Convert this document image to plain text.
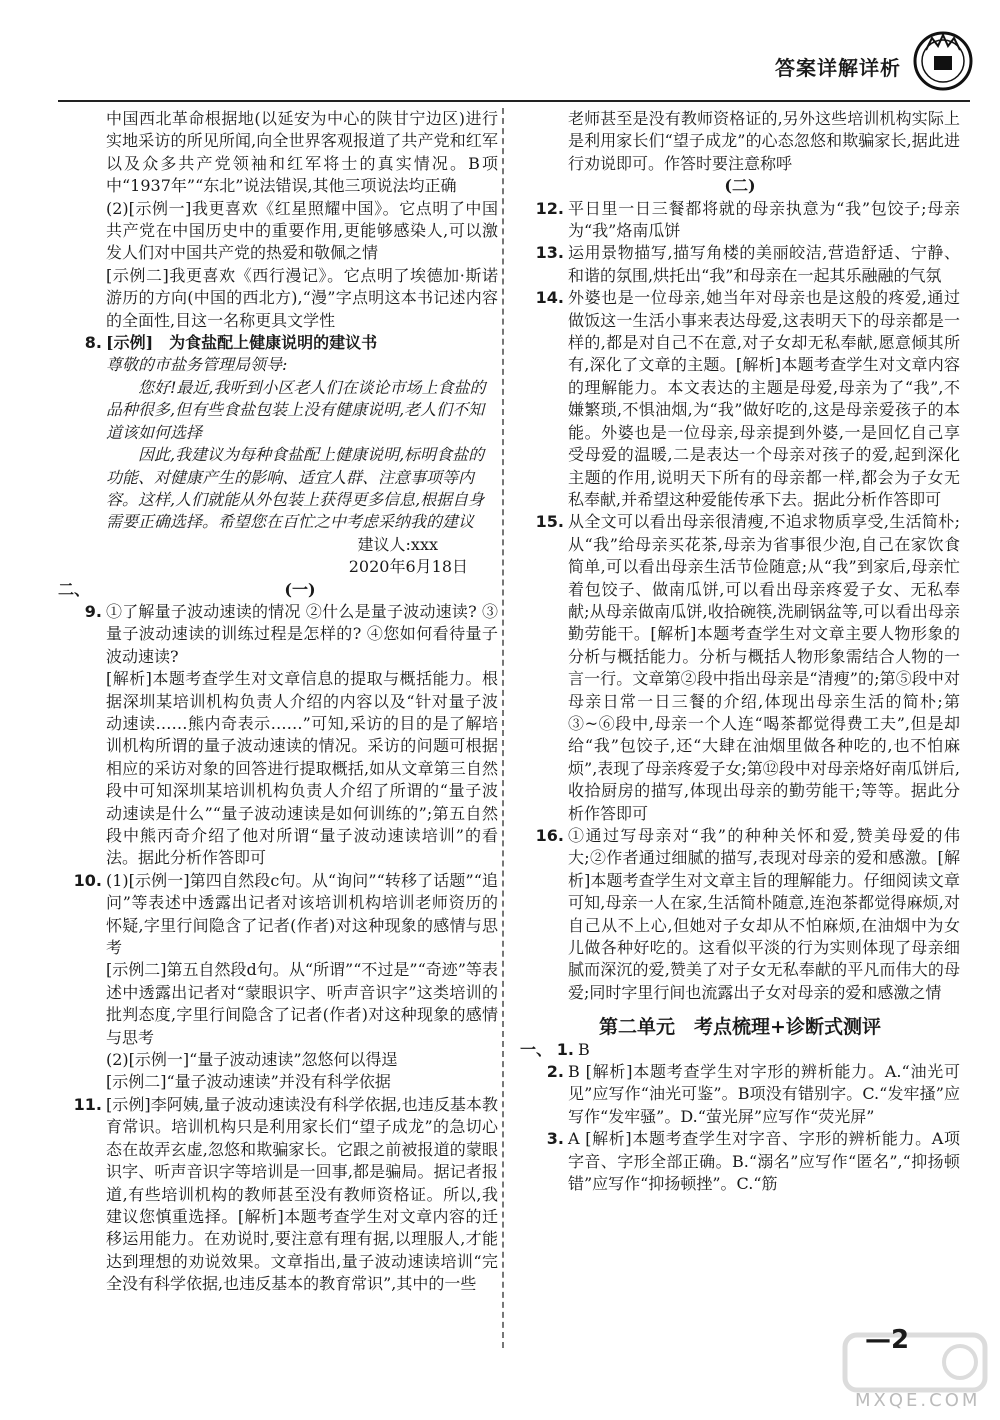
答案详解详析

中国西北革命根据地(以延安为中心的陕甘宁边区)进行实地采访的所见所闻,向全世界客观报道了共产党和红军以及众多共产党领袖和红军将士的真实情况。B项中“1937年”“东北”说法错误,其他三项说法均正确

(2)[示例一]我更喜欢《红星照耀中国》。它点明了中国共产党在中国历史中的重要作用,更能够感染人,可以激发人们对中国共产党的热爱和敬佩之情

[示例二]我更喜欢《西行漫记》。它点明了埃德加·斯诺游历的方向(中国的西北方),“漫”字点明这本书记述内容的全面性,目这一名称更具文学性

8. [示例]　为食盐配上健康说明的建议书

尊敬的市盐务管理局领导:

您好!最近,我听到小区老人们在谈论市场上食盐的品种很多,但有些食盐包装上没有健康说明,老人们不知道该如何选择

因此,我建议为每种食盐配上健康说明,标明食盐的功能、对健康产生的影响、适宜人群、注意事项等内容。这样,人们就能从外包装上获得更多信息,根据自身需要正确选择。希望您在百忙之中考虑采纳我的建议

建议人:xxx

2020年6月18日

二、	(一)
9. ①了解量子波动速读的情况 ②什么是量子波动速读? ③量子波动速读的训练过程是怎样的? ④您如何看待量子波动速读?

[解析]本题考查学生对文章信息的提取与概括能力。根据深圳某培训机构负责人介绍的内容以及“针对量子波动速读……熊内奇表示……”可知,采访的目的是了解培训机构所谓的量子波动速读的情况。采访的问题可根据相应的采访对象的回答进行提取概括,如从文章第三自然段中可知深圳某培训机构负责人介绍了所谓的“量子波动速读是什么”“量子波动速读是如何训练的”;第五自然段中熊丙奇介绍了他对所谓“量子波动速读培训”的看法。据此分析作答即可

10. (1)[示例一]第四自然段c句。从“询问”“转移了话题”“追问”等表述中透露出记者对该培训机构培训老师资历的怀疑,字里行间隐含了记者(作者)对这种现象的感情与思考

[示例二]第五自然段d句。从“所谓”“不过是”“奇迹”等表述中透露出记者对“蒙眼识字、听声音识字”这类培训的批判态度,字里行间隐含了记者(作者)对这种现象的感情与思考

(2)[示例一]“量子波动速读”忽悠何以得逞

[示例二]“量子波动速读”并没有科学依据

11. [示例]李阿姨,量子波动速读没有科学依据,也违反基本教育常识。培训机构只是利用家长们“望子成龙”的急切心态在故弄玄虚,忽悠和欺骗家长。它跟之前被报道的蒙眼识字、听声音识字等培训是一回事,都是骗局。据记者报道,有些培训机构的教师甚至没有教师资格证。所以,我建议您慎重选择。[解析]本题考查学生对文章内容的迁移运用能力。在劝说时,要注意有理有据,以理服人,才能达到理想的劝说效果。文章指出,量子波动速读培训“完全没有科学依据,也违反基本的教育常识”,其中的一些

老师甚至是没有教师资格证的,另外这些培训机构实际上是利用家长们“望子成龙”的心态忽悠和欺骗家长,据此进行劝说即可。作答时要注意称呼

(二)

12. 平日里一日三餐都将就的母亲执意为“我”包饺子;母亲为“我”烙南瓜饼
13. 运用景物描写,描写角楼的美丽皎洁,营造舒适、宁静、和谐的氛围,烘托出“我”和母亲在一起其乐融融的气氛
14. 外婆也是一位母亲,她当年对母亲也是这般的疼爱,通过做饭这一生活小事来表达母爱,这表明天下的母亲都是一样的,都是对自己不在意,对子女却无私奉献,愿意倾其所有,深化了文章的主题。[解析]本题考查学生对文章内容的理解能力。本文表达的主题是母爱,母亲为了“我”,不嫌繁琐,不惧油烟,为“我”做好吃的,这是母亲爱孩子的本能。外婆也是一位母亲,母亲提到外婆,一是回忆自己享受母爱的温暖,二是表达一个母亲对孩子的爱,起到深化主题的作用,说明天下所有的母亲都一样,都会为子女无私奉献,并希望这种爱能传承下去。据此分析作答即可
15. 从全文可以看出母亲很清瘦,不追求物质享受,生活简朴;从“我”给母亲买花茶,母亲为省事很少泡,自己在家饮食简单,可以看出母亲生活节俭随意;从“我”到家后,母亲忙着包饺子、做南瓜饼,可以看出母亲疼爱子女、无私奉献;从母亲做南瓜饼,收拾碗筷,洗刷锅盆等,可以看出母亲勤劳能干。[解析]本题考查学生对文章主要人物形象的分析与概括能力。分析与概括人物形象需结合人物的一言一行。文章第②段中指出母亲是“清瘦”的;第⑤段中对母亲日常一日三餐的介绍,体现出母亲生活的简朴;第③~⑥段中,母亲一个人连“喝茶都觉得费工夫”,但是却给“我”包饺子,还“大肆在油烟里做各种吃的,也不怕麻烦”,表现了母亲疼爱子女;第⑫段中对母亲烙好南瓜饼后,收拾厨房的描写,体现出母亲的勤劳能干;等等。据此分析作答即可
16. ①通过写母亲对“我”的种种关怀和爱,赞美母爱的伟大;②作者通过细腻的描写,表现对母亲的爱和感激。[解析]本题考查学生对文章主旨的理解能力。仔细阅读文章可知,母亲一人在家,生活简朴随意,连泡茶都觉得麻烦,对自己从不上心,但她对子女却从不怕麻烦,在油烟中为女儿做各种好吃的。这看似平淡的行为实则体现了母亲细腻而深沉的爱,赞美了对子女无私奉献的平凡而伟大的母爱;同时字里行间也流露出子女对母亲的爱和感激之情
第二单元　考点梳理+诊断式测评
一、 1. B
2. B [解析]本题考查学生对字形的辨析能力。A.“油光可见”应写作“油光可鉴”。B项没有错别字。C.“发牢搔”应写作“发牢骚”。D.“萤光屏”应写作“荧光屏”
3. A [解析]本题考查学生对字音、字形的辨析能力。A项字音、字形全部正确。B.“溺名”应写作“匿名”,“抑扬顿错”应写作“抑扬顿挫”。C.“筋
—2
MXQE.COM
